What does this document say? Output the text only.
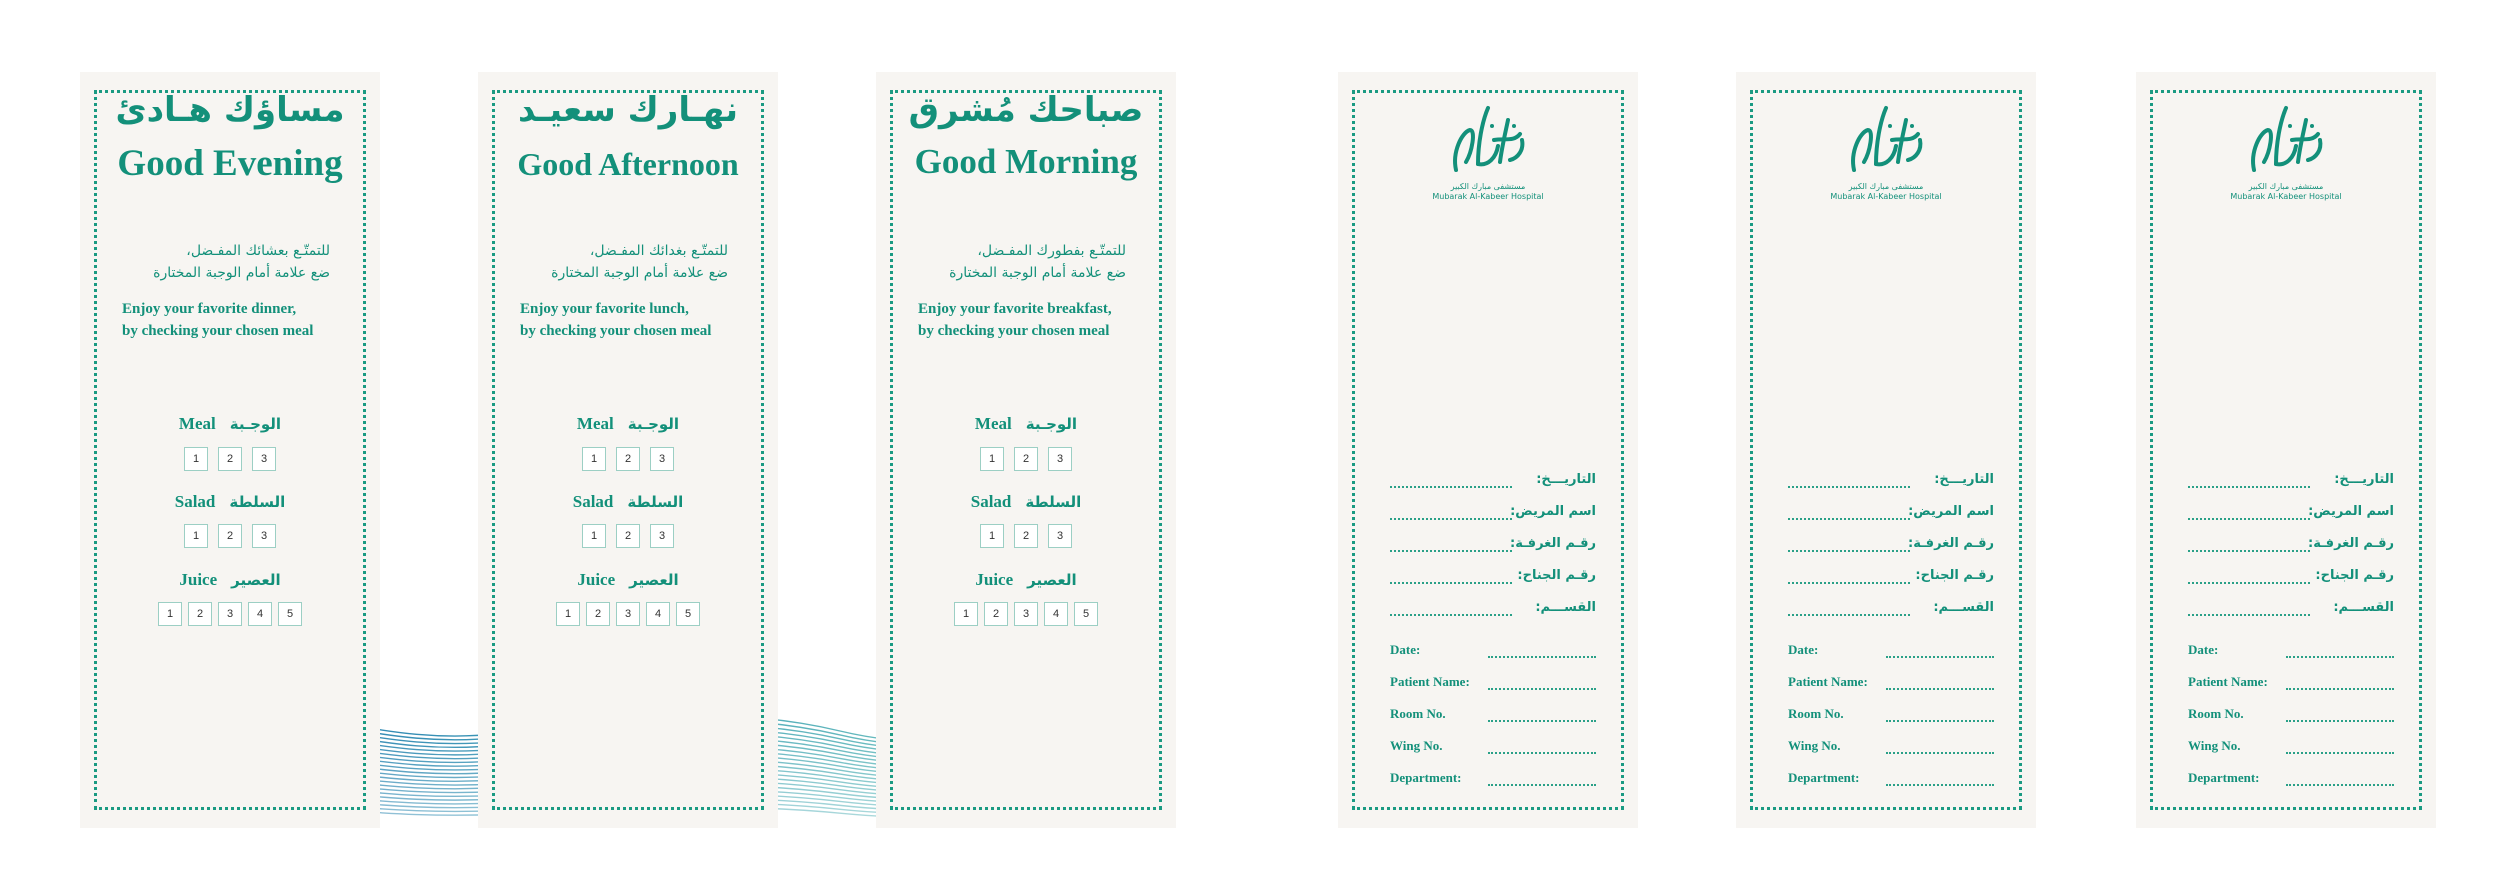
مساؤك هـادئ
Good Evening
للتمتّـع بعشائك المفـضل،
ضع علامة أمام الوجبة المختارة
Enjoy your favorite dinner,
by checking your chosen meal
Meal الوجـبة
1	2	3
Salad السلطة
1	2	3
Juice العصير
1	2	3	4	5
نهـارك سعيـد
Good Afternoon
للتمتّـع بغدائك المفـضل،
ضع علامة أمام الوجبة المختارة
Enjoy your favorite lunch,
by checking your chosen meal
Meal الوجـبة
1	2	3
Salad السلطة
1	2	3
Juice العصير
1	2	3	4	5
صباحك مُشرق
Good Morning
للتمتّـع بفطورك المفـضل،
ضع علامة أمام الوجبة المختارة
Enjoy your favorite breakfast,
by checking your chosen meal
Meal الوجـبة
1	2	3
Salad السلطة
1	2	3
Juice العصير
1	2	3	4	5
مستشفى مبارك الكبير
Mubarak Al-Kabeer Hospital
التاريـــخ:
اسم المريض:
رقـم الغرفـة:
رقـم الجناح:
القســـم:
Date:
Patient Name:
Room No.
Wing No.
Department:
مستشفى مبارك الكبير
Mubarak Al-Kabeer Hospital
التاريـــخ:
اسم المريض:
رقـم الغرفـة:
رقـم الجناح:
القســـم:
Date:
Patient Name:
Room No.
Wing No.
Department:
مستشفى مبارك الكبير
Mubarak Al-Kabeer Hospital
التاريـــخ:
اسم المريض:
رقـم الغرفـة:
رقـم الجناح:
القســـم:
Date:
Patient Name:
Room No.
Wing No.
Department:
